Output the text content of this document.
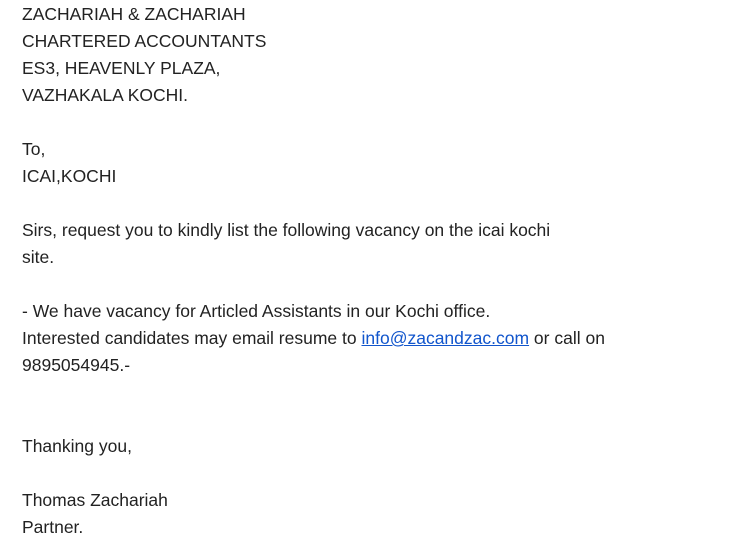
ZACHARIAH & ZACHARIAH
CHARTERED ACCOUNTANTS
ES3, HEAVENLY PLAZA,
VAZHAKALA KOCHI.
To,
ICAI,KOCHI
Sirs, request you to kindly list the following vacancy on the icai kochi
site.
- We have vacancy for Articled Assistants in our Kochi office.
Interested candidates may email resume to info@zacandzac.com or call on
9895054945.-
Thanking you,
Thomas Zachariah
Partner.
